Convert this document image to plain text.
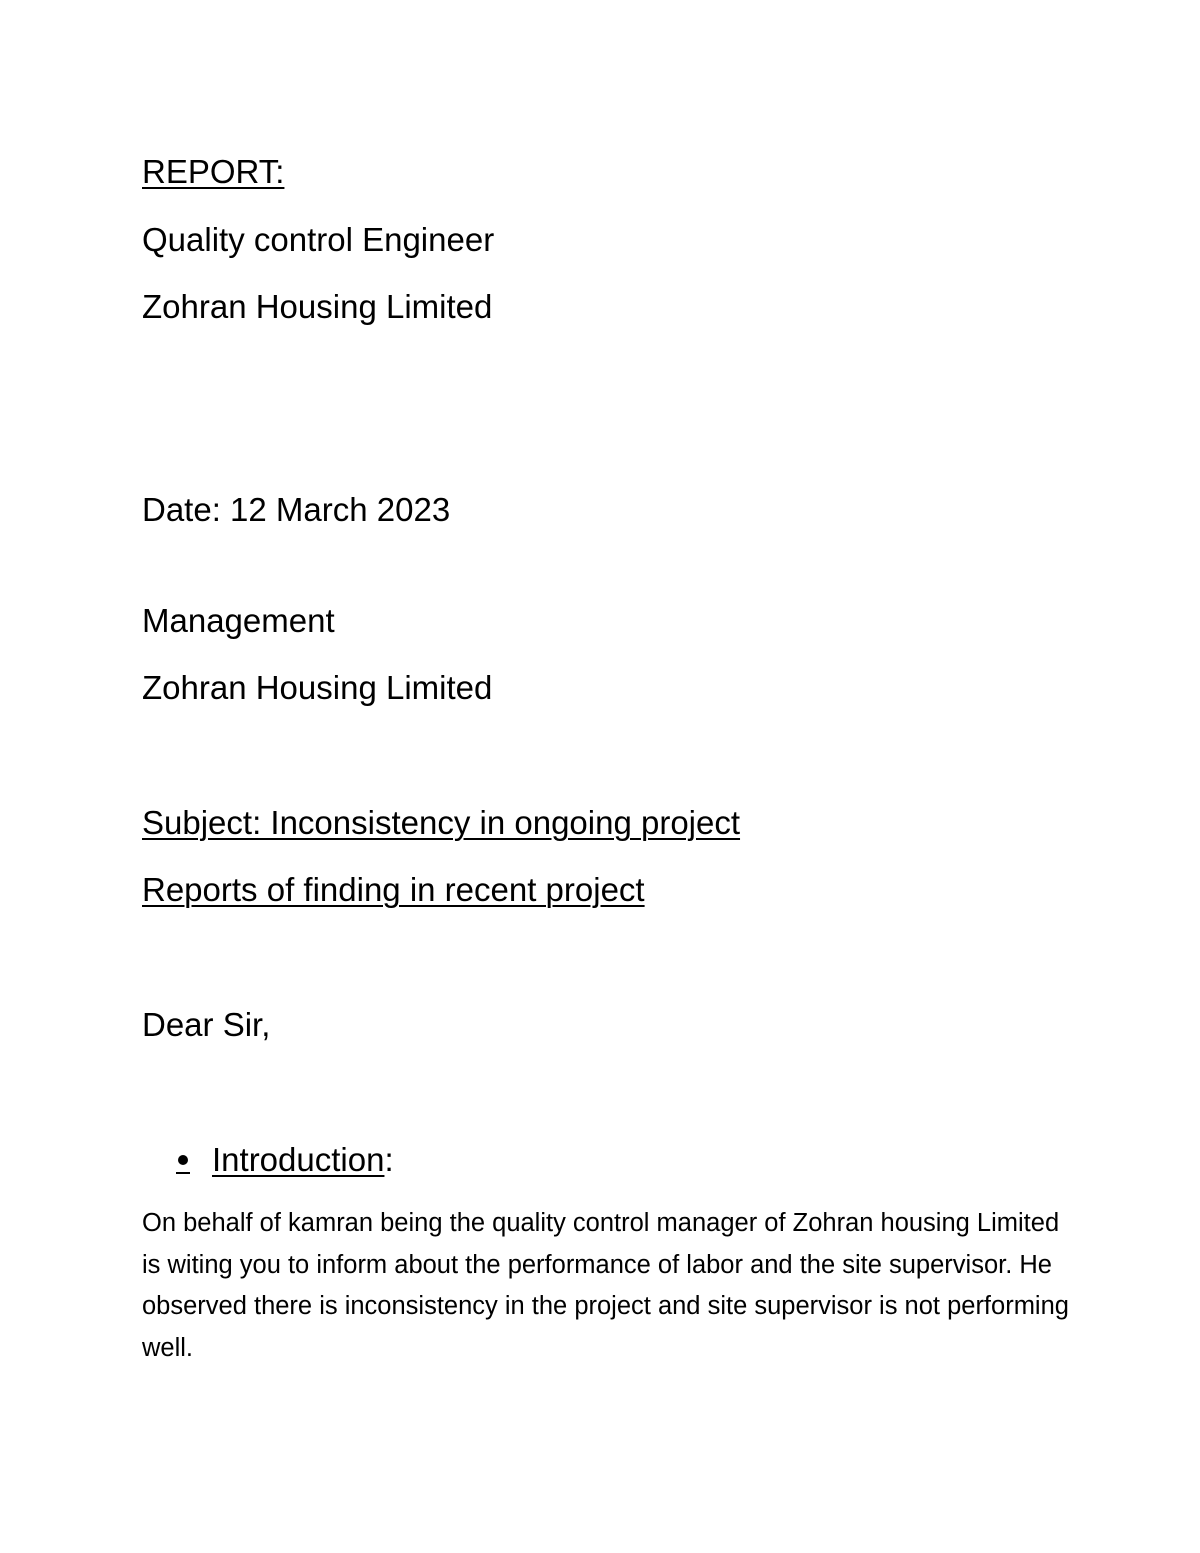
REPORT:

Quality control Engineer

Zohran Housing Limited

Date: 12 March 2023

Management

Zohran Housing Limited

Subject: Inconsistency in ongoing project

Reports of finding in recent project

Dear Sir,

Introduction:

On behalf of kamran being the quality control manager of Zohran housing Limited is witing you to inform about the performance of labor and the site supervisor. He observed there is inconsistency in the project and site supervisor is not performing well.
